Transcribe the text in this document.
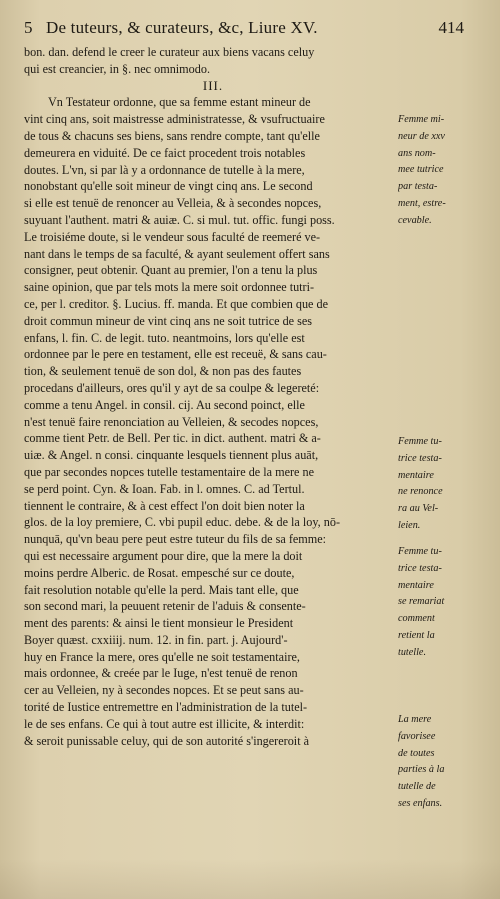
5 De tuteurs, & curateurs, &c, Liure XV.	414
bon. dan. defend le creer le curateur aux biens vacans celuy
qui est creancier, in §. nec omnimodo.
III.
Vn Testateur ordonne, que sa femme estant mineur de
vint cinq ans, soit maistresse administratesse, & vsufructuaire
de tous & chacuns ses biens, sans rendre compte, tant qu'elle
demeurera en viduité. De ce faict procedent trois notables
doutes. L'vn, si par là y a ordonnance de tutelle à la mere,
nonobstant qu'elle soit mineur de vingt cinq ans. Le second
si elle est tenuë de renoncer au Velleia, & à secondes nopces,
suyuant l'authent. matri & auiæ. C. si mul. tut. offic. fungi poss.
Le troisiéme doute, si le vendeur sous faculté de reemeré ve-
nant dans le temps de sa faculté, & ayant seulement offert sans
consigner, peut obtenir. Quant au premier, l'on a tenu la plus
saine opinion, que par tels mots la mere soit ordonnee tutri-
ce, per l. creditor. §. Lucius. ff. manda. Et que combien que de
droit commun mineur de vint cinq ans ne soit tutrice de ses
enfans, l. fin. C. de legit. tuto. neantmoins, lors qu'elle est
ordonnee par le pere en testament, elle est receuë, & sans cau-
tion, & seulement tenuë de son dol, & non pas des fautes
procedans d'ailleurs, ores qu'il y ayt de sa coulpe & legereté:
comme a tenu Angel. in consil. cij. Au second poinct, elle
n'est tenuë faire renonciation au Velleien, & secodes nopces,
comme tient Petr. de Bell. Per tic. in dict. authent. matri & a-
uiæ. & Angel. n consi. cinquante lesquels tiennent plus auāt,
que par secondes nopces tutelle testamentaire de la mere ne
se perd point. Cyn. & Ioan. Fab. in l. omnes. C. ad Tertul.
tiennent le contraire, & à cest effect l'on doit bien noter la
glos. de la loy premiere, C. vbi pupil educ. debe. & de la loy, nō-
nunquā, qu'vn beau pere peut estre tuteur du fils de sa femme:
qui est necessaire argument pour dire, que la mere la doit
moins perdre Alberic. de Rosat. empesché sur ce doute,
fait resolution notable qu'elle la perd. Mais tant elle, que
son second mari, la peuuent retenir de l'aduis & consente-
ment des parents: & ainsi le tient monsieur le President
Boyer quæst. cxxiiij. num. 12. in fin. part. j. Aujourd'-
huy en France la mere, ores qu'elle ne soit testamentaire,
mais ordonnee, & creée par le Iuge, n'est tenuë de renon
cer au Velleien, ny à secondes nopces. Et se peut sans au-
torité de Iustice entremettre en l'administration de la tutel-
le de ses enfans. Ce qui à tout autre est illicite, & interdit:
& seroit punissable celuy, qui de son autorité s'ingereroit à
Femme mi-
neur de xxv
ans nom-
mee tutrice
par testa-
ment, estre-
cevable.
Femme tu-
trice testa-
mentaire
ne renonce
ra au Vel-
leien.
Femme tu-
trice testa-
mentaire
se remariat
comment
retient la
tutelle.
La mere
favorisee
de toutes
parties à la
tutelle de
ses enfans.
